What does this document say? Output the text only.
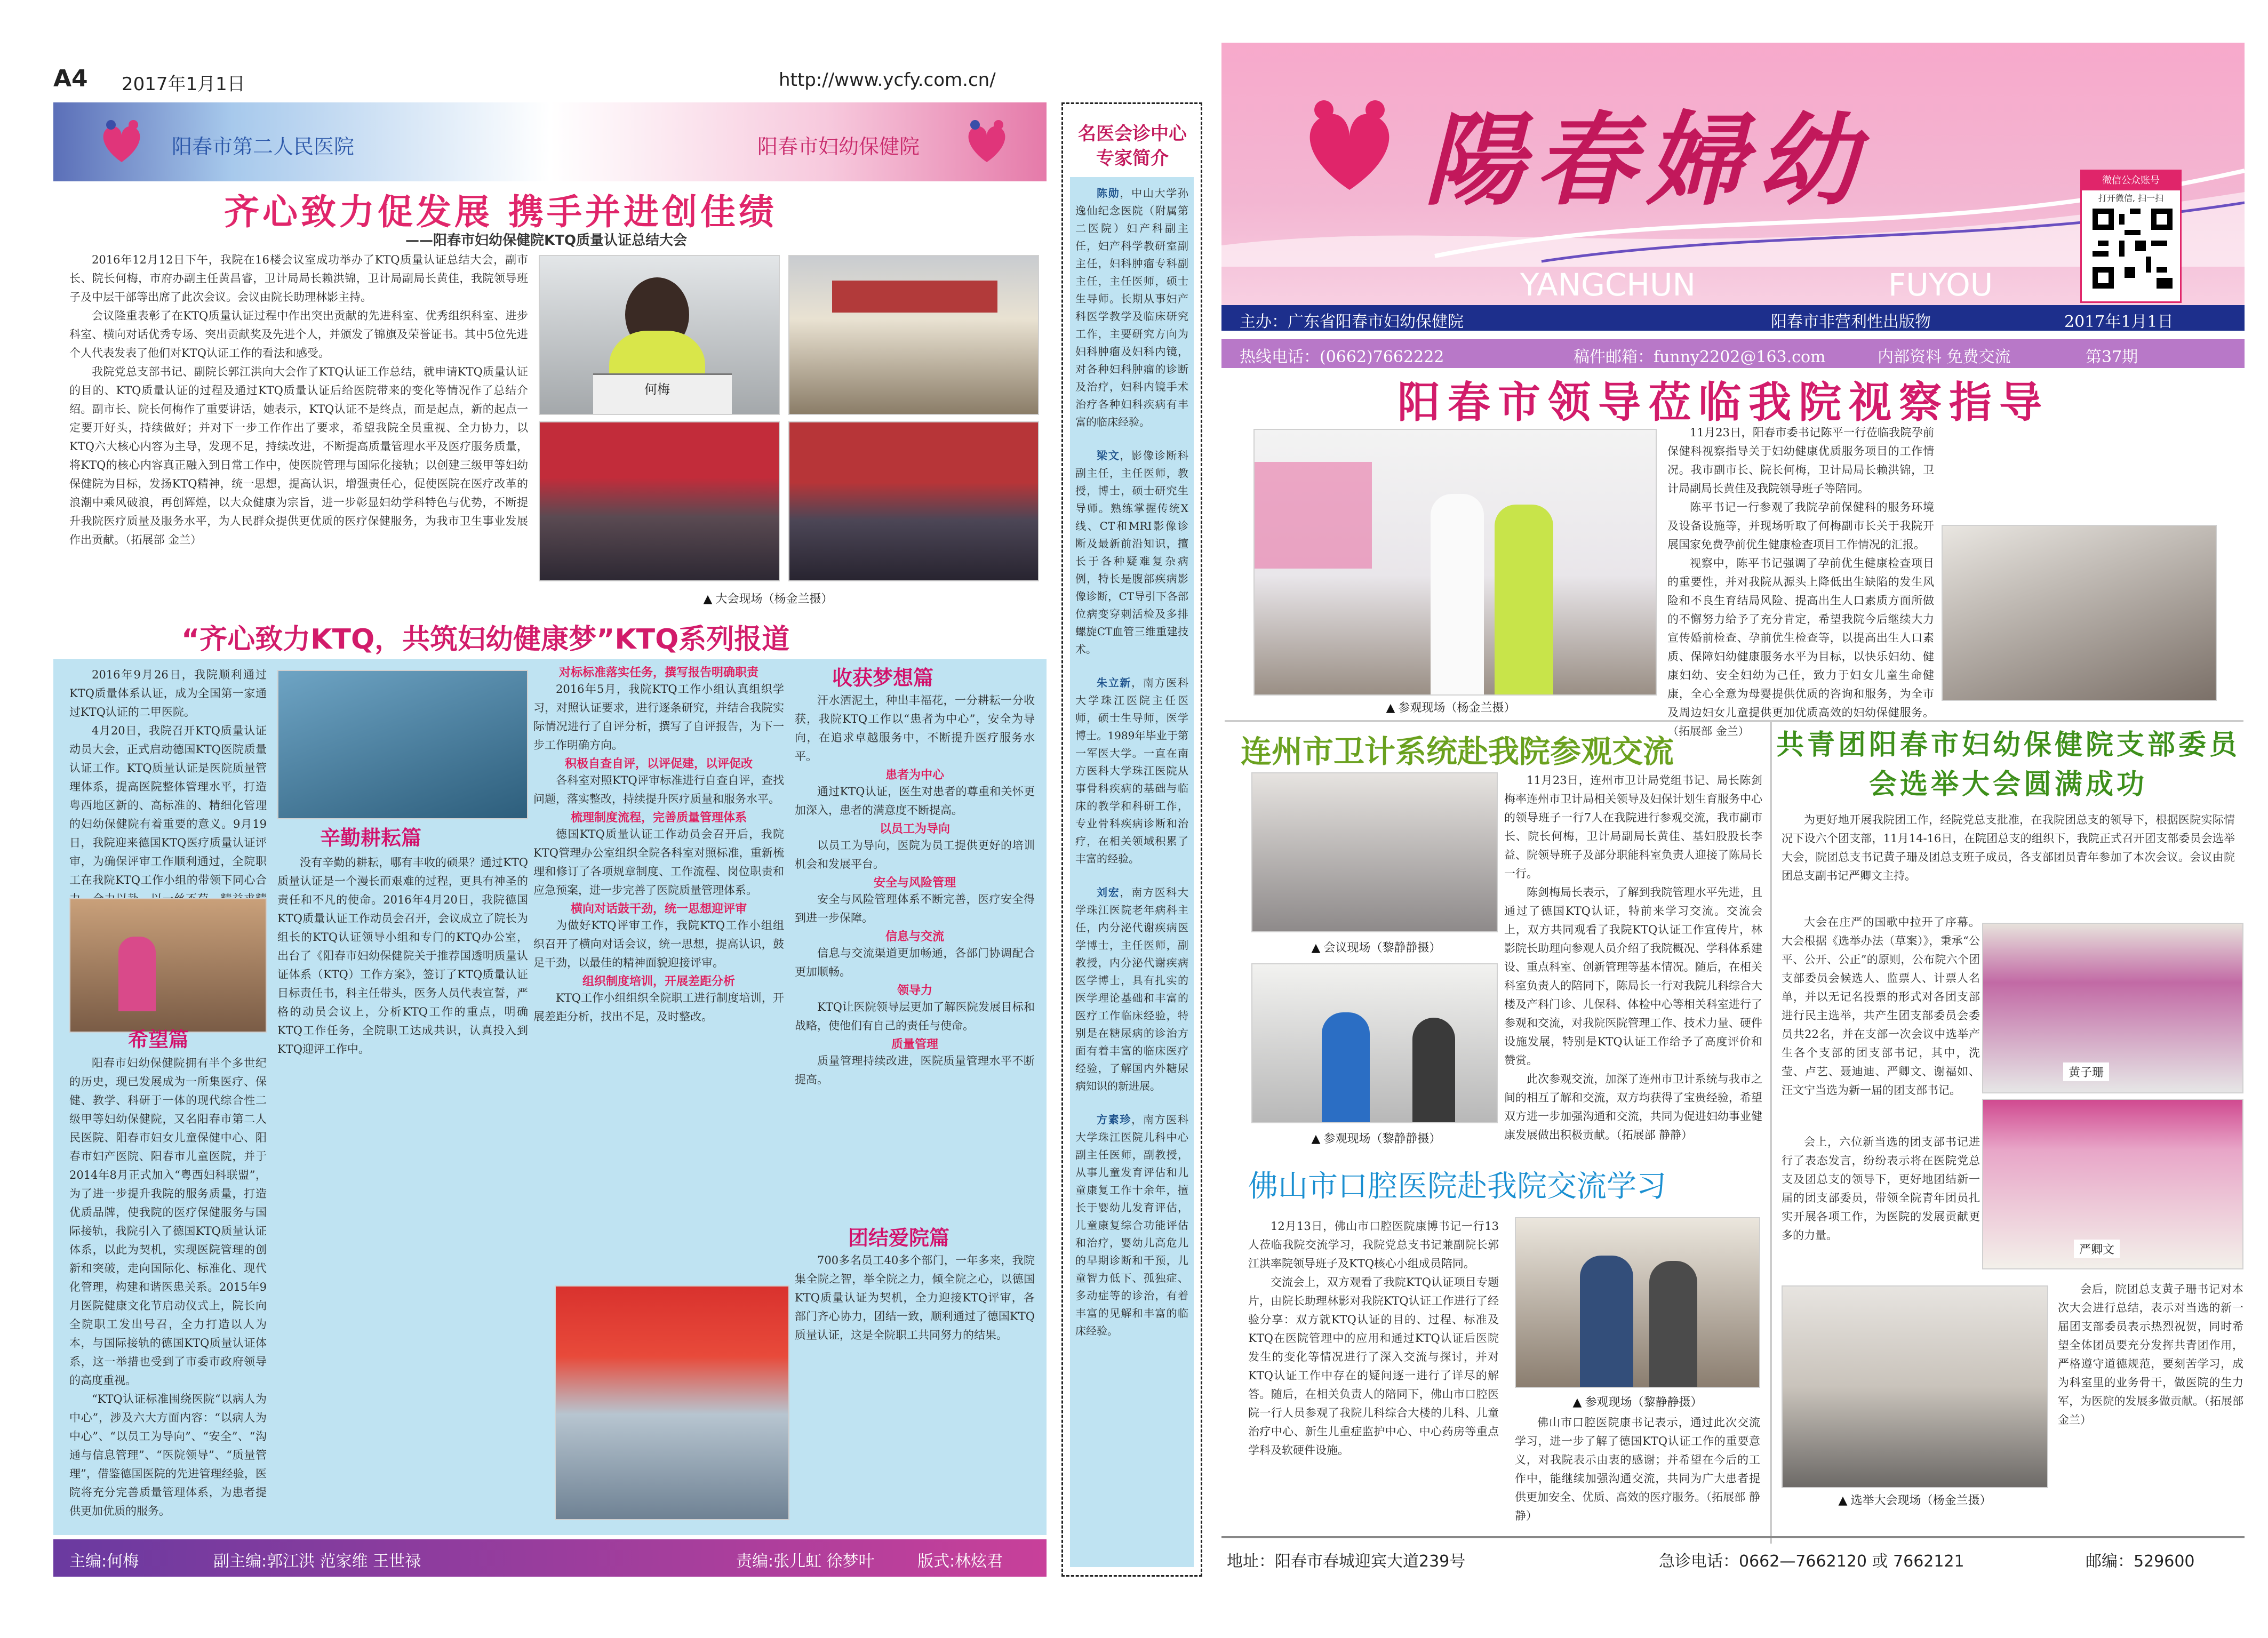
A4 2017年1月1日	http://www.ycfy.com.cn/
阳春市第二人民医院	阳春市妇幼保健院
齐心致力促发展 携手并进创佳绩
——阳春市妇幼保健院KTQ质量认证总结大会

2016年12月12日下午，我院在16楼会议室成功举办了KTQ质量认证总结大会，副市长、院长何梅，市府办副主任黄昌睿，卫计局局长赖洪锦，卫计局副局长黄佳，我院领导班子及中层干部等出席了此次会议。会议由院长助理林影主持。

会议隆重表彰了在KTQ质量认证过程中作出突出贡献的先进科室、优秀组织科室、进步科室、横向对话优秀专场、突出贡献奖及先进个人，并颁发了锦旗及荣誉证书。其中5位先进个人代表发表了他们对KTQ认证工作的看法和感受。

我院党总支部书记、副院长郭江洪向大会作了KTQ认证工作总结，就申请KTQ质量认证的目的、KTQ质量认证的过程及通过KTQ质量认证后给医院带来的变化等情况作了总结介绍。副市长、院长何梅作了重要讲话，她表示，KTQ认证不是终点，而是起点，新的起点一定要开好头，持续做好；并对下一步工作作出了要求，希望我院全员重视、全力协力，以KTQ六大核心内容为主导，发现不足，持续改进，不断提高质量管理水平及医疗服务质量，将KTQ的核心内容真正融入到日常工作中，使医院管理与国际化接轨；以创建三级甲等妇幼保健院为目标，发扬KTQ精神，统一思想，提高认识，增强责任心，促使医院在医疗改革的浪潮中乘风破浪，再创辉煌，以大众健康为宗旨，进一步彰显妇幼学科特色与优势，不断提升我院医疗质量及服务水平，为人民群众提供更优质的医疗保健服务，为我市卫生事业发展作出贡献。（拓展部 金兰）

何梅
▲ 大会现场（杨金兰摄）
“齐心致力KTQ，共筑妇幼健康梦”KTQ系列报道

2016年9月26日，我院顺利通过KTQ质量体系认证，成为全国第一家通过KTQ认证的二甲医院。

4月20日，我院召开KTQ质量认证动员大会，正式启动德国KTQ医院质量认证工作。KTQ质量认证是医院质量管理体系，提高医院整体管理水平，打造粤西地区新的、高标准的、精细化管理的妇幼保健院有着重要的意义。9月19日，我院迎来德国KTQ医疗质量认证评审，为确保评审工作顺利通过，全院职工在我院KTQ工作小组的带领下同心合

辛勤耕耘篇

没有辛勤的耕耘，哪有丰收的硕果？通过KTQ质量认证是一个漫长而艰难的过程，更具有神圣的责任和不凡的使命。2016年4月20日，我院德国KTQ质量认证工作动员会召开，会议成立了院长为组长的KTQ认证领导小组和专门的KTQ办公室，出台了《阳春市妇幼保健院关于推荐国透明质量认证体系（KTQ）工作方案》，签订了KTQ质量认证目标责任书，科主任带头，医务人员代表宣誓，严格的动员会议上，分析KTQ工作的重点，明确KTQ工作任务，全院职工达成共识，认真投入到KTQ迎评工作中。

希望篇

阳春市妇幼保健院拥有半个多世纪的历史，现已发展成为一所集医疗、保健、教学、科研于一体的现代综合性二级甲等妇幼保健院，又名阳春市第二人民医院、阳春市妇女儿童保健中心、阳春市妇产医院、阳春市儿童医院，并于2014年8月正式加入“粤西妇科联盟”，为了进一步提升我院的服务质量，打造优质品牌，使我院的医疗保健服务与国际接轨，我院引入了德国KTQ质量认证体系，以此为契机，实现医院管理的创新和突破，走向国际化、标准化、现代化管理，构建和谐医患关系。2015年9月医院健康文化节启动仪式上，院长向全院职工发出号召，全力打造以人为本，与国际接轨的德国KTQ质量认证体系，这一举措也受到了市委市政府领导的高度重视。

“KTQ认证标准围绕医院“以病人为中心”，涉及六大方面内容：“以病人为中心”、“以员工为导向”、“安全”、“沟通与信息管理”、“医院领导”、“质量管理”，借鉴德国医院的先进管理经验，医院将充分完善质量管理体系，为患者提供更加优质的服务。

对标标准落实任务，撰写报告明确职责

2016年5月，我院KTQ工作小组认真组织学习，对照认证要求，进行逐条研究，并结合我院实际情况进行了自评分析，撰写了自评报告，为下一步工作明确方向。

积极自查自评，以评促建，以评促改

各科室对照KTQ评审标准进行自查自评，查找问题，落实整改，持续提升医疗质量和服务水平。

梳理制度流程，完善质量管理体系

德国KTQ质量认证工作动员会召开后，我院KTQ管理办公室组织全院各科室对照标准，重新梳理和修订了各项规章制度、工作流程、岗位职责和应急预案，进一步完善了医院质量管理体系。

横向对话鼓干劲，统一思想迎评审

为做好KTQ评审工作，我院KTQ工作小组组织召开了横向对话会议，统一思想，提高认识，鼓足干劲，以最佳的精神面貌迎接评审。

组织制度培训，开展差距分析

KTQ工作小组组织全院职工进行制度培训，开展差距分析，找出不足，及时整改。

收获梦想篇

汗水洒泥土，种出丰福花，一分耕耘一分收获，我院KTQ工作以“患者为中心”，安全为导向，在追求卓越服务中，不断提升医疗服务水平。

患者为中心

通过KTQ认证，医生对患者的尊重和关怀更加深入，患者的满意度不断提高。

以员工为导向

以员工为导向，医院为员工提供更好的培训机会和发展平台。

安全与风险管理

安全与风险管理体系不断完善，医疗安全得到进一步保障。

信息与交流

信息与交流渠道更加畅通，各部门协调配合更加顺畅。

领导力

KTQ让医院领导层更加了解医院发展目标和战略，使他们有自己的责任与使命。

质量管理

质量管理持续改进，医院质量管理水平不断提高。

团结爱院篇

700多名员工40多个部门，一年多来，我院集全院之智，举全院之力，倾全院之心，以德国KTQ质量认证为契机，全力迎接KTQ评审，各部门齐心协力，团结一致，顺利通过了德国KTQ质量认证，这是全院职工共同努力的结果。

主编:何梅	副主编:郭江洪 范家维 王世禄	责编:张儿虹 徐梦叶	版式:林炫君
名医会诊中心专家简介

陈勋，中山大学孙逸仙纪念医院（附属第二医院）妇产科副主任，妇产科学教研室副主任，妇科肿瘤专科副主任，主任医师，硕士生导师。长期从事妇产科医学教学及临床研究工作，主要研究方向为妇科肿瘤及妇科内镜，对各种妇科肿瘤的诊断及治疗，妇科内镜手术治疗各种妇科疾病有丰富的临床经验。

梁文，影像诊断科副主任，主任医师，教授，博士，硕士研究生导师。熟练掌握传统X线、CT和MRI影像诊断及最新前沿知识，擅长于各种疑难复杂病例，特长是腹部疾病影像诊断，CT导引下各部位病变穿刺活检及多排螺旋CT血管三维重建技术。

朱立新，南方医科大学珠江医院主任医师，硕士生导师，医学博士。1989年毕业于第一军医大学。一直在南方医科大学珠江医院从事骨科疾病的基础与临床的教学和科研工作，专业骨科疾病诊断和治疗，在相关领域积累了丰富的经验。

刘宏，南方医科大学珠江医院老年病科主任，内分泌代谢疾病医学博士，主任医师，副教授，内分泌代谢疾病医学博士，具有扎实的医学理论基础和丰富的医疗工作临床经验，特别是在糖尿病的诊治方面有着丰富的临床医疗经验，了解国内外糖尿病知识的新进展。

方素珍，南方医科大学珠江医院儿科中心副主任医师，副教授，从事儿童发育评估和儿童康复工作十余年，擅长于婴幼儿发育评估，儿童康复综合功能评估和治疗，婴幼儿高危儿的早期诊断和干预，儿童智力低下、孤独症、多动症等的诊治，有着丰富的见解和丰富的临床经验。

陽春婦幼
YANGCHUN	FUYOU
微信公众账号
打开微信, 扫一扫
主办：广东省阳春市妇幼保健院	阳春市非营利性出版物	2017年1月1日
热线电话：(0662)7662222	稿件邮箱：funny2202@163.com	内部资料 免费交流	第37期
阳春市领导莅临我院视察指导

11月23日，阳春市委书记陈平一行莅临我院孕前保健科视察指导关于妇幼健康优质服务项目的工作情况。我市副市长、院长何梅，卫计局局长赖洪锦，卫计局副局长黄佳及我院领导班子等陪同。

陈平书记一行参观了我院孕前保健科的服务环境及设备设施等，并现场听取了何梅副市长关于我院开展国家免费孕前优生健康检查项目工作情况的汇报。

视察中，陈平书记强调了孕前优生健康检查项目的重要性，并对我院从源头上降低出生缺陷的发生风险和不良生育结局风险、提高出生人口素质方面所做的不懈努力给予了充分肯定，希望我院今后继续大力宣传婚前检查、孕前优生检查等，以提高出生人口素质、保障妇幼健康服务水平为目标，以快乐妇幼、健康妇幼、安全妇幼为己任，致力于妇女儿童生命健康，全心全意为母婴提供优质的咨询和服务，为全市及周边妇女儿童提供更加优质高效的妇幼保健服务。（拓展部 金兰）

▲ 参观现场（杨金兰摄）
连州市卫计系统赴我院参观交流

11月23日，连州市卫计局党组书记、局长陈剑梅率连州市卫计局相关领导及妇保计划生育服务中心的领导班子一行7人在我院进行参观交流，我市副市长、院长何梅，卫计局副局长黄佳、基妇股股长李益、院领导班子及部分职能科室负责人迎接了陈局长一行。

陈剑梅局长表示，了解到我院管理水平先进，且通过了德国KTQ认证，特前来学习交流。交流会上，双方共同观看了我院KTQ认证工作宣传片，林影院长助理向参观人员介绍了我院概况、学科体系建设、重点科室、创新管理等基本情况。随后，在相关科室负责人的陪同下，陈局长一行对我院儿科综合大楼及产科门诊、儿保科、体检中心等相关科室进行了参观和交流，对我院医院管理工作、技术力量、硬件设施发展，特别是KTQ认证工作给予了高度评价和赞赏。

此次参观交流，加深了连州市卫计系统与我市之间的相互了解和交流，双方均获得了宝贵经验，希望双方进一步加强沟通和交流，共同为促进妇幼事业健康发展做出积极贡献。（拓展部 静静）

▲ 会议现场（黎静静摄）
▲ 参观现场（黎静静摄）
佛山市口腔医院赴我院交流学习

12月13日，佛山市口腔医院康博书记一行13人莅临我院交流学习，我院党总支书记兼副院长郭江洪率院领导班子及KTQ核心小组成员陪同。

交流会上，双方观看了我院KTQ认证项目专题片，由院长助理林影对我院KTQ认证工作进行了经验分享：双方就KTQ认证的目的、过程、标准及KTQ在医院管理中的应用和通过KTQ认证后医院发生的变化等情况进行了深入交流与探讨，并对KTQ认证工作中存在的疑问逐一进行了详尽的解答。随后，在相关负责人的陪同下，佛山市口腔医院一行人员参观了我院儿科综合大楼的儿科、儿童治疗中心、新生儿重症监护中心、中心药房等重点学科及软硬件设施。

▲ 参观现场（黎静静摄）

佛山市口腔医院康书记表示，通过此次交流学习，进一步了解了德国KTQ认证工作的重要意义，对我院表示由衷的感谢；并希望在今后的工作中，能继续加强沟通交流，共同为广大患者提供更加安全、优质、高效的医疗服务。（拓展部 静静）

共青团阳春市妇幼保健院支部委员会选举大会圆满成功

为更好地开展我院团工作，经院党总支批准，在我院团总支的领导下，根据医院实际情况下设六个团支部，11月14-16日，在院团总支的组织下，我院正式召开团支部委员会选举大会，院团总支书记黄子珊及团总支班子成员，各支部团员青年参加了本次会议。会议由院团总支副书记严卿文主持。

大会在庄严的国歌中拉开了序幕。大会根据《选举办法（草案）》，秉承“公平、公开、公正”的原则，公布院六个团支部委员会候选人、监票人、计票人名单，并以无记名投票的形式对各团支部进行民主选举，共产生团支部委员会委员共22名，并在支部一次会议中选举产生各个支部的团支部书记，其中，洗莹、卢艺、聂迪迪、严卿文、谢福如、汪文宁当选为新一届的团支部书记。

黄子珊
严卿文

会上，六位新当选的团支部书记进行了表态发言，纷纷表示将在医院党总支及团总支的领导下，更好地团结新一届的团支部委员，带领全院青年团员扎实开展各项工作，为医院的发展贡献更多的力量。

▲ 选举大会现场（杨金兰摄）

会后，院团总支黄子珊书记对本次大会进行总结，表示对当选的新一届团支部委员表示热烈祝贺，同时希望全体团员要充分发挥共青团作用，严格遵守道德规范，要刻苦学习，成为科室里的业务骨干，做医院的生力军，为医院的发展多做贡献。（拓展部 金兰）

地址：阳春市春城迎宾大道239号	急诊电话：0662—7662120 或 7662121	邮编：529600
